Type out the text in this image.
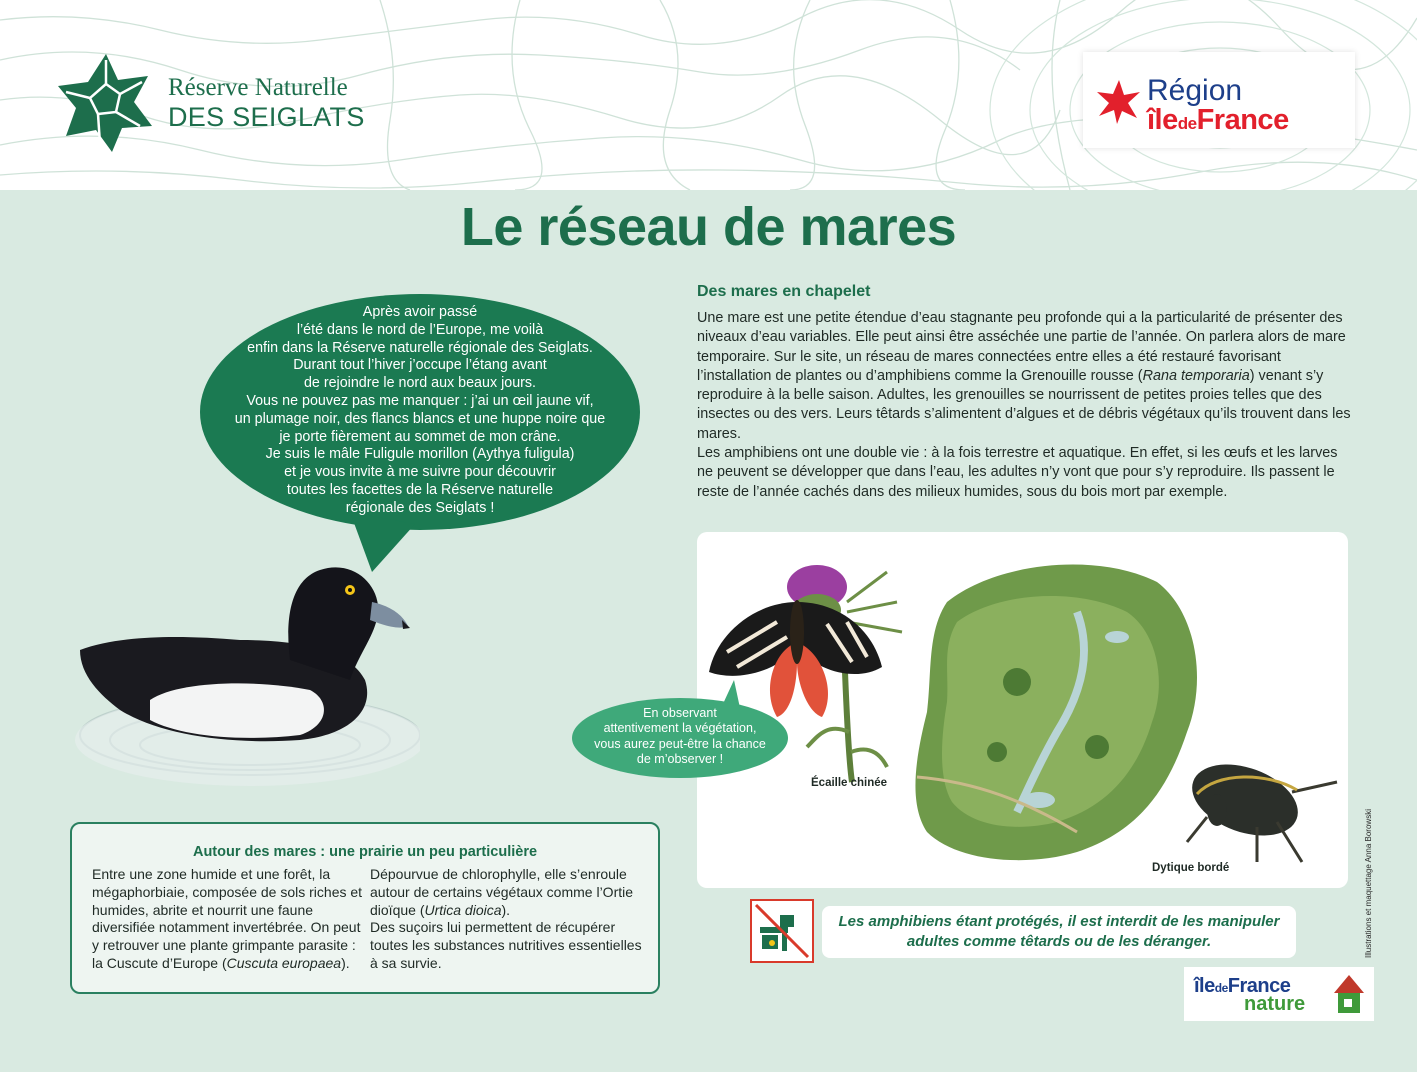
Réserve Naturelle
DES SEIGLATS
Région
îledeFrance
Le réseau de mares
Après avoir passé
l’été dans le nord de l’Europe, me voilà
enfin dans la Réserve naturelle régionale des Seiglats.
Durant tout l’hiver j’occupe l’étang avant
de rejoindre le nord aux beaux jours.
Vous ne pouvez pas me manquer : j’ai un œil jaune vif,
un plumage noir, des flancs blancs et une huppe noire que
je porte fièrement au sommet de mon crâne.
Je suis le mâle Fuligule morillon (Aythya fuligula)
et je vous invite à me suivre pour découvrir
toutes les facettes de la Réserve naturelle
régionale des Seiglats !
Autour des mares : une prairie un peu particulière
Entre une zone humide et une forêt, la mégaphorbiaie, composée de sols riches et humides, abrite et nourrit une faune diversifiée notamment invertébrée. On peut y retrouver une plante grimpante parasite : la Cuscute d’Europe (Cuscuta europaea).
Dépourvue de chlorophylle, elle s’enroule autour de certains végétaux comme l’Ortie dioïque (Urtica dioica).
Des suçoirs lui permettent de récupérer toutes les substances nutritives essentielles à sa survie.
Des mares en chapelet

Une mare est une petite étendue d’eau stagnante peu profonde qui a la particularité de présenter des niveaux d’eau variables. Elle peut ainsi être asséchée une partie de l’année. On parlera alors de mare temporaire. Sur le site, un réseau de mares connectées entre elles a été restauré favorisant l’installation de plantes ou d’amphibiens comme la Grenouille rousse (Rana temporaria) venant s’y reproduire à la belle saison. Adultes, les grenouilles se nourrissent de petites proies telles que des insectes ou des vers. Leurs têtards s’alimentent d’algues et de débris végétaux qu’ils trouvent dans les mares.

Les amphibiens ont une double vie : à la fois terrestre et aquatique. En effet, si les œufs et les larves ne peuvent se développer que dans l’eau, les adultes n’y vont que pour s’y reproduire. Ils passent le reste de l’année cachés dans des milieux humides, sous du bois mort par exemple.

Écaille chinée
Dytique bordé
En observant
attentivement la végétation,
vous aurez peut-être la chance
de m’observer !
Les amphibiens étant protégés, il est interdit de les manipuler
adultes comme têtards ou de les déranger.
îledeFrance
nature
Illustrations et maquettage Anna Borowski
